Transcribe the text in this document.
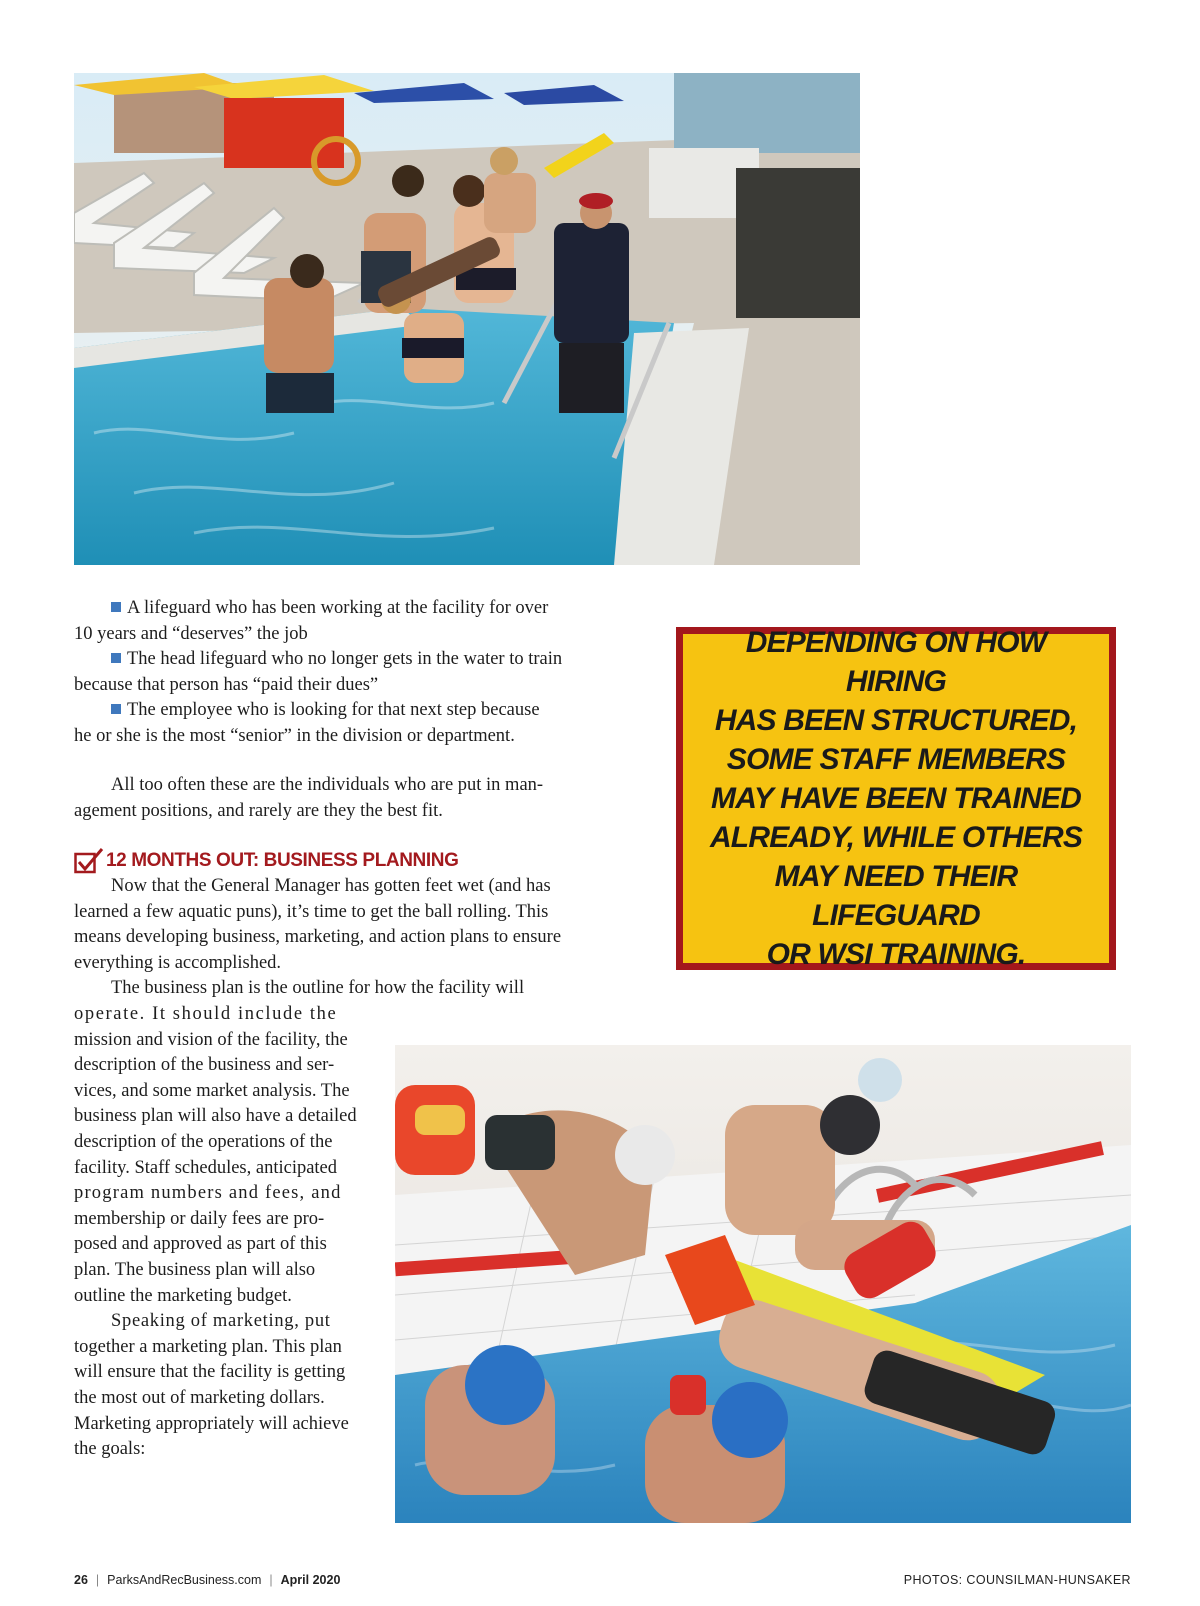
A lifeguard who has been working at the facility for over

10 years and “deserves” the job

The head lifeguard who no longer gets in the water to train

because that person has “paid their dues”

The employee who is looking for that next step because

he or she is the most “senior” in the division or department.

All too often these are the individuals who are put in man-

agement positions, and rarely are they the best fit.

12 MONTHS OUT: BUSINESS PLANNING

Now that the General Manager has gotten feet wet (and has

learned a few aquatic puns), it’s time to get the ball rolling. This

means developing business, marketing, and action plans to ensure

everything is accomplished.

The business plan is the outline for how the facility will

operate. It should include the

mission and vision of the facility, the

description of the business and ser-

vices, and some market analysis. The

business plan will also have a detailed

description of the operations of the

facility. Staff schedules, anticipated

program numbers and fees, and

membership or daily fees are pro-

posed and approved as part of this

plan. The business plan will also

outline the marketing budget.

Speaking of marketing, put

together a marketing plan. This plan

will ensure that the facility is getting

the most out of marketing dollars.

Marketing appropriately will achieve

the goals:

DEPENDING ON HOW HIRING
HAS BEEN STRUCTURED,
SOME STAFF MEMBERS
MAY HAVE BEEN TRAINED
ALREADY, WHILE OTHERS
MAY NEED THEIR LIFEGUARD
OR WSI TRAINING.
26 | ParksAndRecBusiness.com | April 2020	PHOTOS: COUNSILMAN-HUNSAKER
